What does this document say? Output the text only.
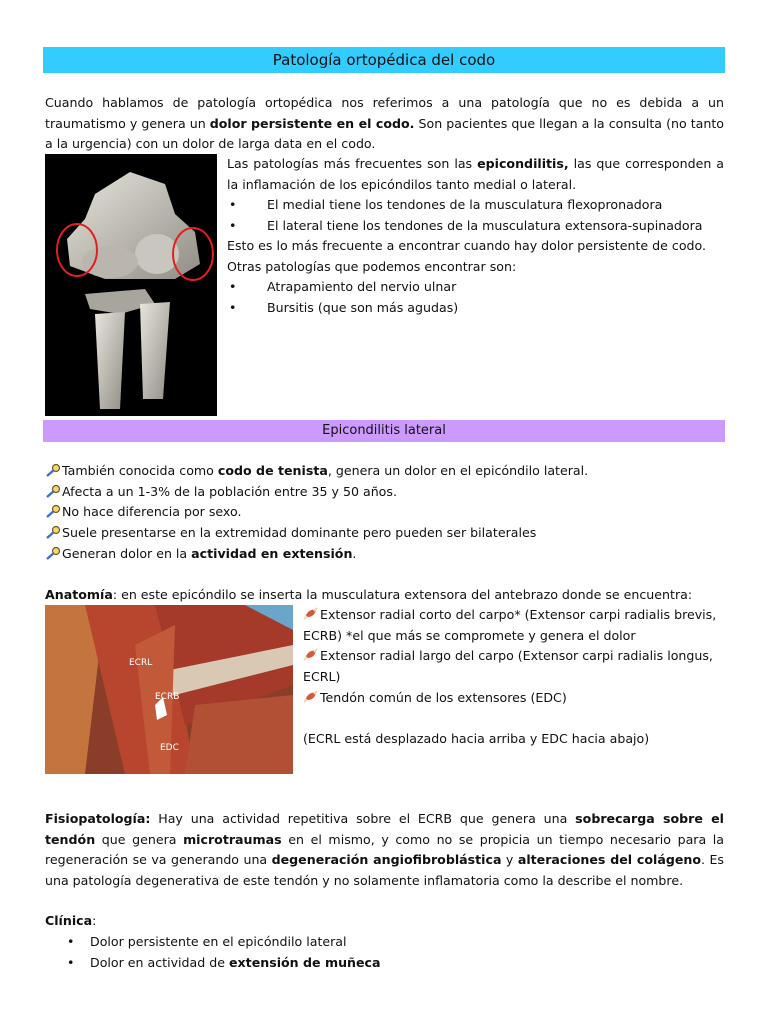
Patología ortopédica del codo
Cuando hablamos de patología ortopédica nos referimos a una patología que no es debida a un traumatismo y genera un dolor persistente en el codo. Son pacientes que llegan a la consulta (no tanto a la urgencia) con un dolor de larga data en el codo.
Las patologías más frecuentes son las epicondilitis, las que corresponden a la inflamación de los epicóndilos tanto medial o lateral.
• El medial tiene los tendones de la musculatura flexopronadora
• El lateral tiene los tendones de la musculatura extensora-supinadora
Esto es lo más frecuente a encontrar cuando hay dolor persistente de codo.
Otras patologías que podemos encontrar son:
• Atrapamiento del nervio ulnar
• Bursitis (que son más agudas)
Epicondilitis lateral
También conocida como codo de tenista, genera un dolor en el epicóndilo lateral.
Afecta a un 1-3% de la población entre 35 y 50 años.
No hace diferencia por sexo.
Suele presentarse en la extremidad dominante pero pueden ser bilaterales
Generan dolor en la actividad en extensión.
Anatomía: en este epicóndilo se inserta la musculatura extensora del antebrazo donde se encuentra:
ECRL
ECRB
EDC
Extensor radial corto del carpo* (Extensor carpi radialis brevis,
ECRB) *el que más se compromete y genera el dolor
Extensor radial largo del carpo (Extensor carpi radialis longus,
ECRL)
Tendón común de los extensores (EDC)
(ECRL está desplazado hacia arriba y EDC hacia abajo)
Fisiopatología: Hay una actividad repetitiva sobre el ECRB que genera una sobrecarga sobre el tendón que genera microtraumas en el mismo, y como no se propicia un tiempo necesario para la regeneración se va generando una degeneración angiofibroblástica y alteraciones del colágeno. Es una patología degenerativa de este tendón y no solamente inflamatoria como la describe el nombre.
Clínica:
• Dolor persistente en el epicóndilo lateral
• Dolor en actividad de extensión de muñeca
